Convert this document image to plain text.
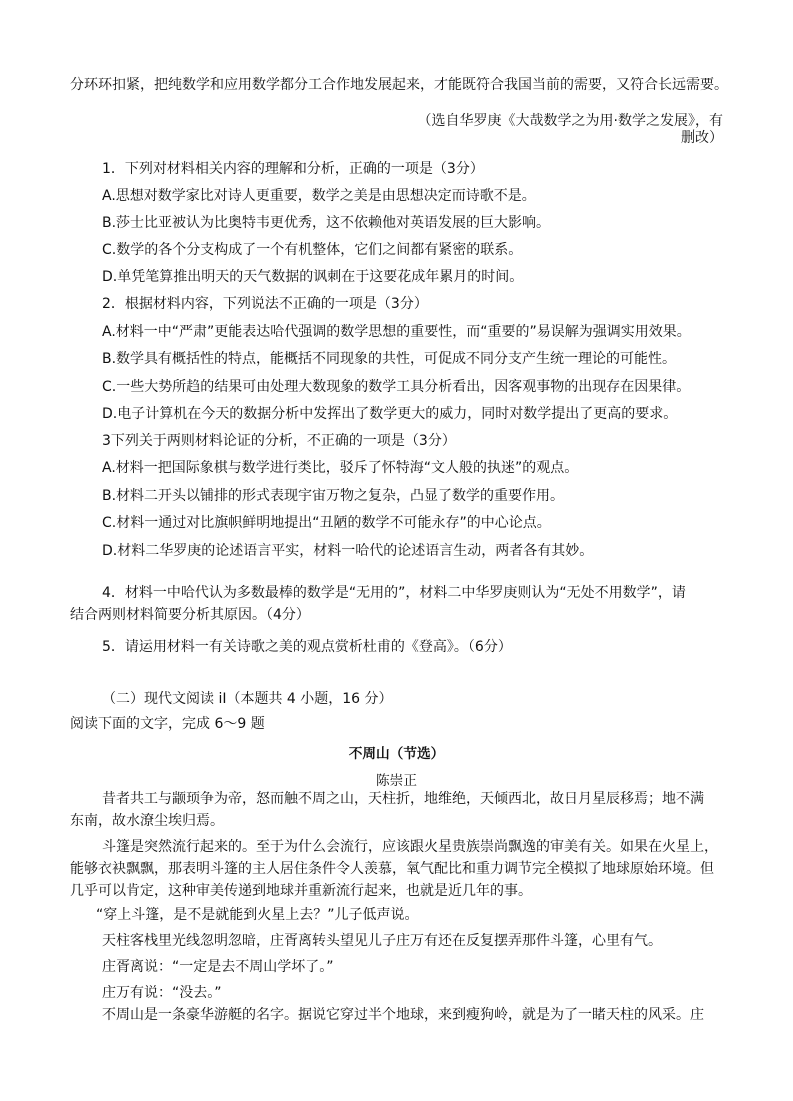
分环环扣紧，把纯数学和应用数学都分工合作地发展起来，才能既符合我国当前的需要，又符合长远需要。
（选自华罗庚《大哉数学之为用·数学之发展》，有
删改）
1．下列对材料相关内容的理解和分析，正确的一项是（3分）
A.思想对数学家比对诗人更重要，数学之美是由思想决定而诗歌不是。
B.莎士比亚被认为比奥特韦更优秀，这不依赖他对英语发展的巨大影响。
C.数学的各个分支构成了一个有机整体，它们之间都有紧密的联系。
D.单凭笔算推出明天的天气数据的讽刺在于这要花成年累月的时间。
2．根据材料内容，下列说法不正确的一项是（3分）
A.材料一中“严肃”更能表达哈代强调的数学思想的重要性，而“重要的”易误解为强调实用效果。
B.数学具有概括性的特点，能概括不同现象的共性，可促成不同分支产生统一理论的可能性。
C.一些大势所趋的结果可由处理大数现象的数学工具分析看出，因客观事物的出现存在因果律。
D.电子计算机在今天的数据分析中发挥出了数学更大的威力，同时对数学提出了更高的要求。
3下列关于两则材料论证的分析，不正确的一项是（3分）
A.材料一把国际象棋与数学进行类比，驳斥了怀特海“文人般的执迷”的观点。
B.材料二开头以铺排的形式表现宇宙万物之复杂，凸显了数学的重要作用。
C.材料一通过对比旗帜鲜明地提出“丑陋的数学不可能永存”的中心论点。
D.材料二华罗庚的论述语言平实，材料一哈代的论述语言生动，两者各有其妙。
4．材料一中哈代认为多数最棒的数学是“无用的”，材料二中华罗庚则认为“无处不用数学”，请
结合两则材料简要分析其原因。（4分）
5．请运用材料一有关诗歌之美的观点赏析杜甫的《登高》。（6分）
（二）现代文阅读 iI（本题共 4 小题，16 分）
阅读下面的文字，完成 6～9 题
不周山（节选）
陈崇正
昔者共工与颛顼争为帝，怒而触不周之山，天柱折，地维绝，天倾西北，故日月星辰移焉；地不满
东南，故水潦尘埃归焉。
斗篷是突然流行起来的。至于为什么会流行，应该跟火星贵族崇尚飘逸的审美有关。如果在火星上，
能够衣袂飘飘，那表明斗篷的主人居住条件令人羡慕，氧气配比和重力调节完全模拟了地球原始环境。但
几乎可以肯定，这种审美传递到地球并重新流行起来，也就是近几年的事。
“穿上斗篷，是不是就能到火星上去？”儿子低声说。
天柱客栈里光线忽明忽暗，庄胥离转头望见儿子庄万有还在反复摆弄那件斗篷，心里有气。
庄胥离说：“一定是去不周山学坏了。”
庄万有说：“没去。”
不周山是一条豪华游艇的名字。据说它穿过半个地球，来到瘦狗岭，就是为了一睹天柱的风采。庄
